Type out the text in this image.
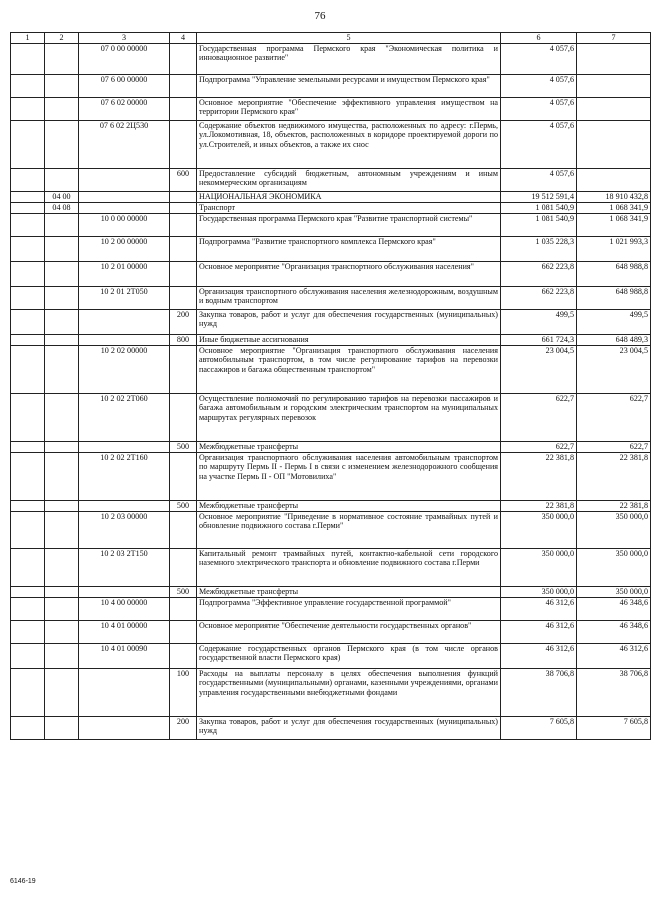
76
1	2	3	4	5	6	7
		07 0 00 00000		Государственная программа Пермского края "Экономическая политика и инновационное развитие"	4 057,6	
		07 6 00 00000		Подпрограмма "Управление земельными ресурсами и имуществом Пермского края"	4 057,6	
		07 6 02 00000		Основное мероприятие "Обеспечение эффективного управления имуществом на территории Пермского края"	4 057,6	
		07 6 02 2Ц530		Содержание объектов недвижимого имущества, расположенных по адресу: г.Пермь, ул.Локомотивная, 18, объектов, расположенных в коридоре проектируемой дороги по ул.Строителей, и иных объектов, а также их снос	4 057,6	
			600	Предоставление субсидий бюджетным, автономным учреждениям и иным некоммерческим организациям	4 057,6	
	04 00			НАЦИОНАЛЬНАЯ ЭКОНОМИКА	19 512 591,4	18 910 432,8
	04 08			Транспорт	1 081 540,9	1 068 341,9
		10 0 00 00000		Государственная программа Пермского края "Развитие транспортной системы"	1 081 540,9	1 068 341,9
		10 2 00 00000		Подпрограмма "Развитие транспортного комплекса Пермского края"	1 035 228,3	1 021 993,3
		10 2 01 00000		Основное мероприятие "Организация транспортного обслуживания населения"	662 223,8	648 988,8
		10 2 01 2Т050		Организация транспортного обслуживания населения железнодорожным, воздушным и водным транспортом	662 223,8	648 988,8
			200	Закупка товаров, работ и услуг для обеспечения государственных (муниципальных) нужд	499,5	499,5
			800	Иные бюджетные ассигнования	661 724,3	648 489,3
		10 2 02 00000		Основное мероприятие "Организация транспортного обслуживания населения автомобильным транспортом, в том числе регулирование тарифов на перевозки пассажиров и багажа общественным транспортом"	23 004,5	23 004,5
		10 2 02 2Т060		Осуществление полномочий по регулированию тарифов на перевозки пассажиров и багажа автомобильным и городским электрическим транспортом на муниципальных маршрутах регулярных перевозок	622,7	622,7
			500	Межбюджетные трансферты	622,7	622,7
		10 2 02 2Т160		Организация транспортного обслуживания населения автомобильным транспортом по маршруту Пермь II - Пермь I в связи с изменением железнодорожного сообщения на участке Пермь II - ОП "Мотовилиха"	22 381,8	22 381,8
			500	Межбюджетные трансферты	22 381,8	22 381,8
		10 2 03 00000		Основное мероприятие "Приведение в нормативное состояние трамвайных путей и обновление подвижного состава г.Перми"	350 000,0	350 000,0
		10 2 03 2Т150		Капитальный ремонт трамвайных путей, контактно-кабельной сети городского наземного электрического транспорта и обновление подвижного состава г.Перми	350 000,0	350 000,0
			500	Межбюджетные трансферты	350 000,0	350 000,0
		10 4 00 00000		Подпрограмма "Эффективное управление государственной программой"	46 312,6	46 348,6
		10 4 01 00000		Основное мероприятие "Обеспечение деятельности государственных органов"	46 312,6	46 348,6
		10 4 01 00090		Содержание государственных органов Пермского края (в том числе органов государственной власти Пермского края)	46 312,6	46 312,6
			100	Расходы на выплаты персоналу в целях обеспечения выполнения функций государственными (муниципальными) органами, казенными учреждениями, органами управления государственными внебюджетными фондами	38 706,8	38 706,8
			200	Закупка товаров, работ и услуг для обеспечения государственных (муниципальных) нужд	7 605,8	7 605,8
6146-19
